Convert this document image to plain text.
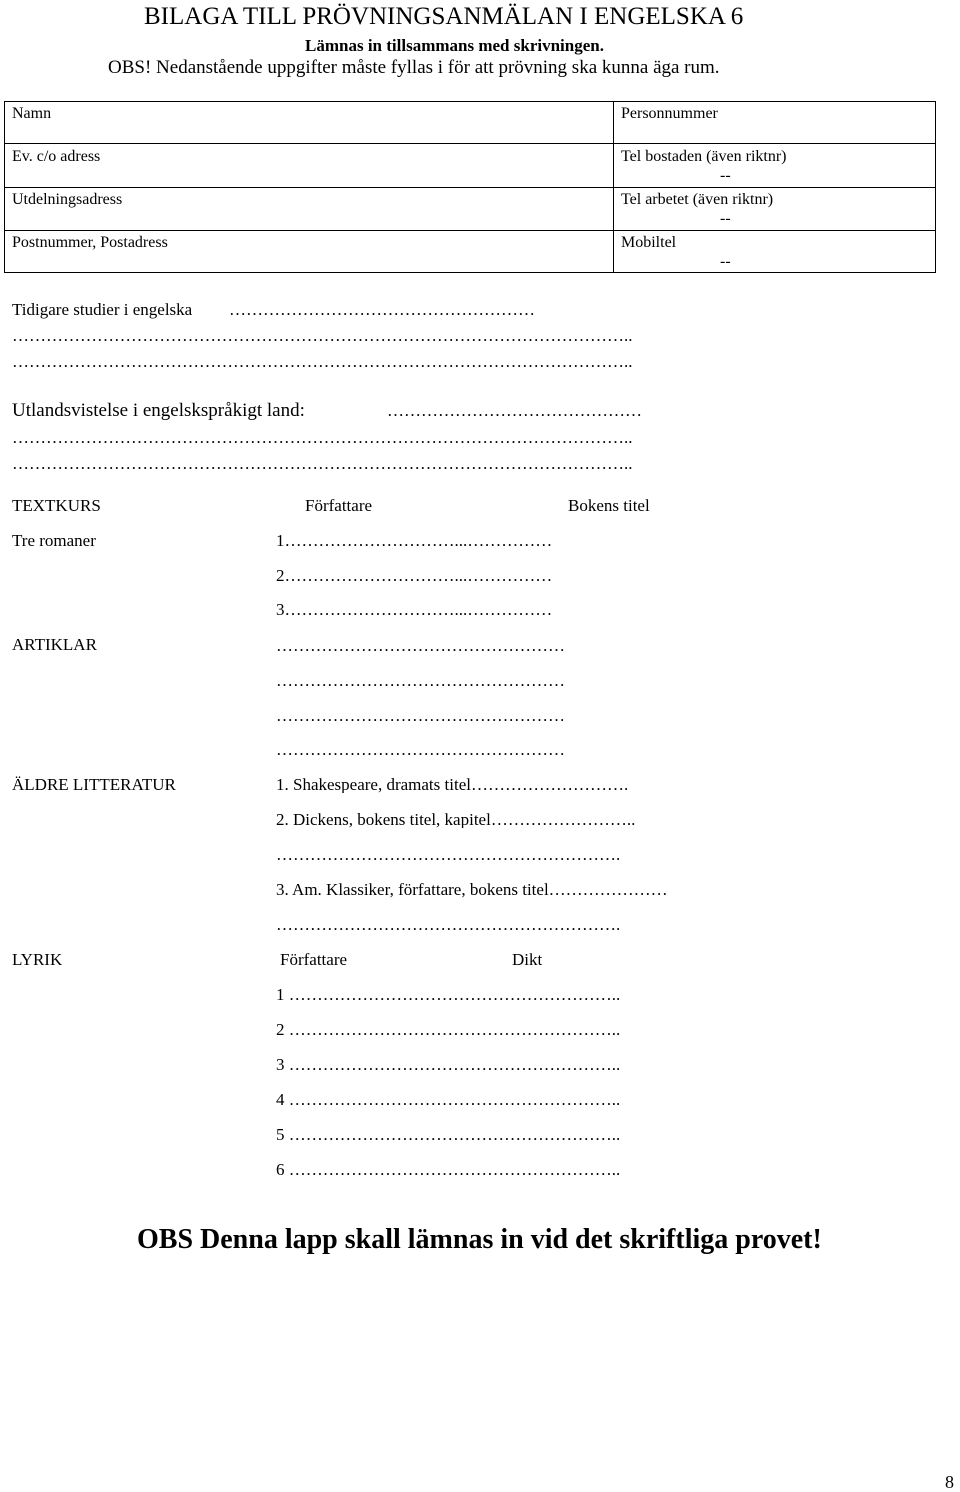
BILAGA TILL PRÖVNINGSANMÄLAN I ENGELSKA 6
Lämnas in tillsammans med skrivningen.
OBS! Nedanstående uppgifter måste fyllas i för att prövning ska kunna äga rum.
Namn	Personnummer
Ev. c/o adress	Tel bostaden (även riktnr)
--
Utdelningsadress	Tel arbetet (även riktnr)
--
Postnummer, Postadress	Mobiltel
--
Tidigare studier i engelska ………………………………………………
………………………………………………………………………………………………..
………………………………………………………………………………………………..
Utlandsvistelse i engelskspråkigt land:	………………………………………
………………………………………………………………………………………………..
………………………………………………………………………………………………..
TEXTKURS	Författare	Bokens titel
Tre romaner	1…………………………...……………
2…………………………...……………
3…………………………...……………
ARTIKLAR	……………………………………………
……………………………………………
……………………………………………
……………………………………………
ÄLDRE LITTERATUR	1. Shakespeare, dramats titel……………………….
2. Dickens, bokens titel, kapitel……………………..
…………………………………………………….
3. Am. Klassiker, författare, bokens titel…………………
…………………………………………………….
LYRIK	Författare	Dikt
1 …………………………………………………..
2 …………………………………………………..
3 …………………………………………………..
4 …………………………………………………..
5 …………………………………………………..
6 …………………………………………………..
OBS Denna lapp skall lämnas in vid det skriftliga provet!
8
